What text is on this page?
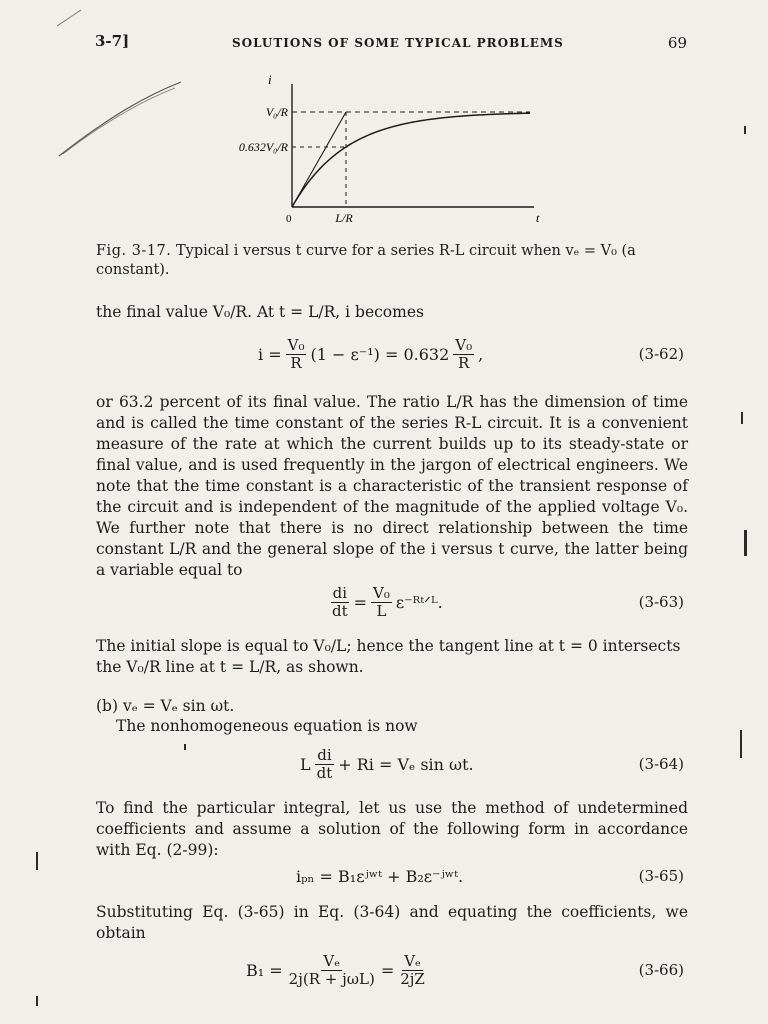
3-7]	SOLUTIONS OF SOME TYPICAL PROBLEMS	69
i
t
V₀/R
0.632V₀/R
0	L/R
Fig. 3-17. Typical i versus t curve for a series R-L circuit when vₑ = V₀ (a constant).
the final value V₀/R. At t = L/R, i becomes
$i = \frac{\text{V₀}}{R} (1 - \varepsilon^{-1}) = 0.632 \frac{\text{V₀}}{R}$ ,	(3-62)
or 63.2 percent of its final value. The ratio L/R has the dimension of time and is called the time constant of the series R-L circuit. It is a convenient measure of the rate at which the current builds up to its steady-state or final value, and is used frequently in the jargon of electrical engineers. We note that the time constant is a characteristic of the transient response of the circuit and is independent of the magnitude of the applied voltage V₀. We further note that there is no direct relationship between the time constant L/R and the general slope of the i versus t curve, the latter being a variable equal to
$\frac{di}{dt} = \frac{\text{V₀}}{L}$ ε⁻ᴿᵗᐟᴸ.	(3-63)
The initial slope is equal to V₀/L; hence the tangent line at t = 0 intersects the V₀/R line at t = L/R, as shown.
(b) vₑ = Vₑ sin ωt.
The nonhomogeneous equation is now
L $\frac{di}{dt} + Ri = V_e$ sin ωt.	(3-64)
To find the particular integral, let us use the method of undetermined coefficients and assume a solution of the following form in accordance with Eq. (2-99):
iₚₙ = B₁εʲʷᵗ + B₂ε⁻ʲʷᵗ.	(3-65)
Substituting Eq. (3-65) in Eq. (3-64) and equating the coefficients, we obtain
$B_1 = \frac{\text{Vₑ}}{\text{2j(R + jωL)}} = \frac{\text{Vₑ}}{2jZ}$	(3-66)
